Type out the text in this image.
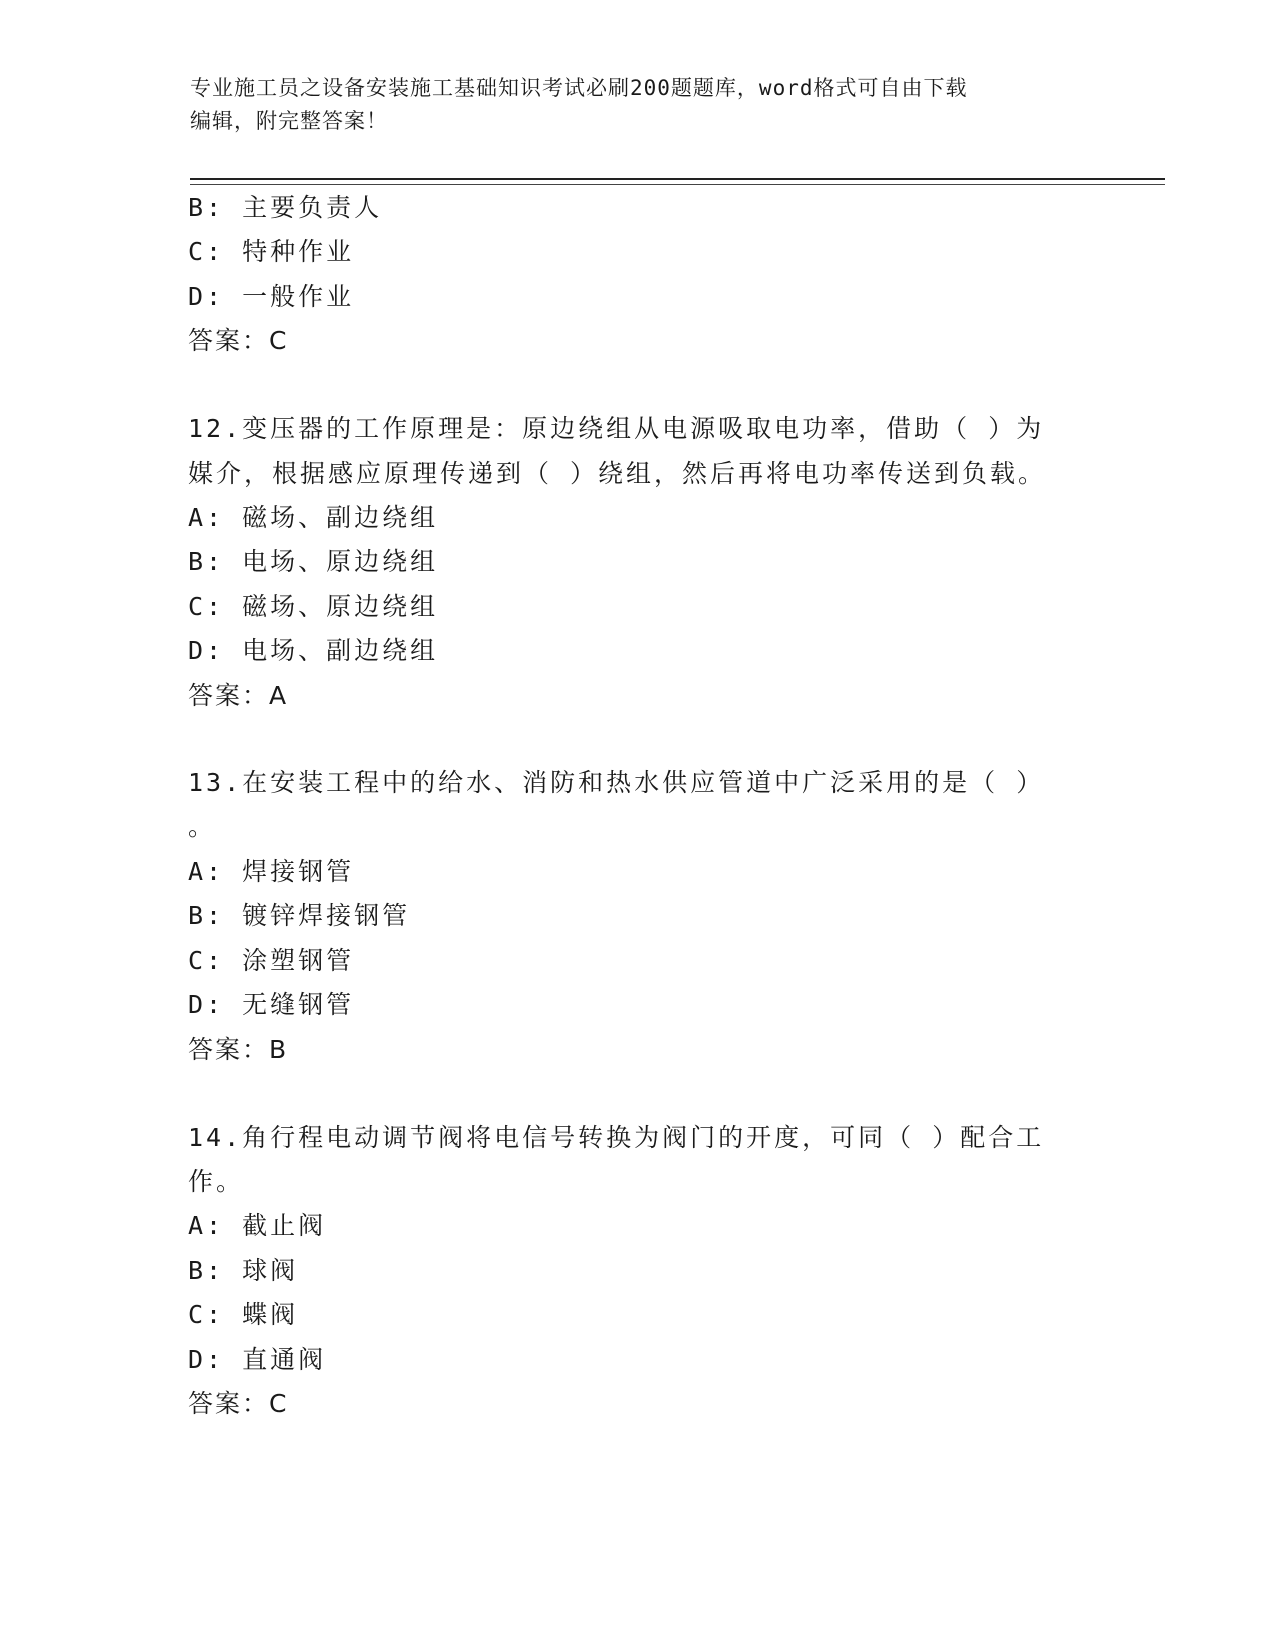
专业施工员之设备安装施工基础知识考试必刷200题题库，word格式可自由下载
编辑，附完整答案！
B: 主要负责人
C: 特种作业
D: 一般作业
答案：C
12.变压器的工作原理是：原边绕组从电源吸取电功率，借助（ ）为
媒介，根据感应原理传递到（ ）绕组，然后再将电功率传送到负载。
A: 磁场、副边绕组
B: 电场、原边绕组
C: 磁场、原边绕组
D: 电场、副边绕组
答案：A
13.在安装工程中的给水、消防和热水供应管道中广泛采用的是（ ）
。
A: 焊接钢管
B: 镀锌焊接钢管
C: 涂塑钢管
D: 无缝钢管
答案：B
14.角行程电动调节阀将电信号转换为阀门的开度，可同（ ）配合工
作。
A: 截止阀
B: 球阀
C: 蝶阀
D: 直通阀
答案：C
